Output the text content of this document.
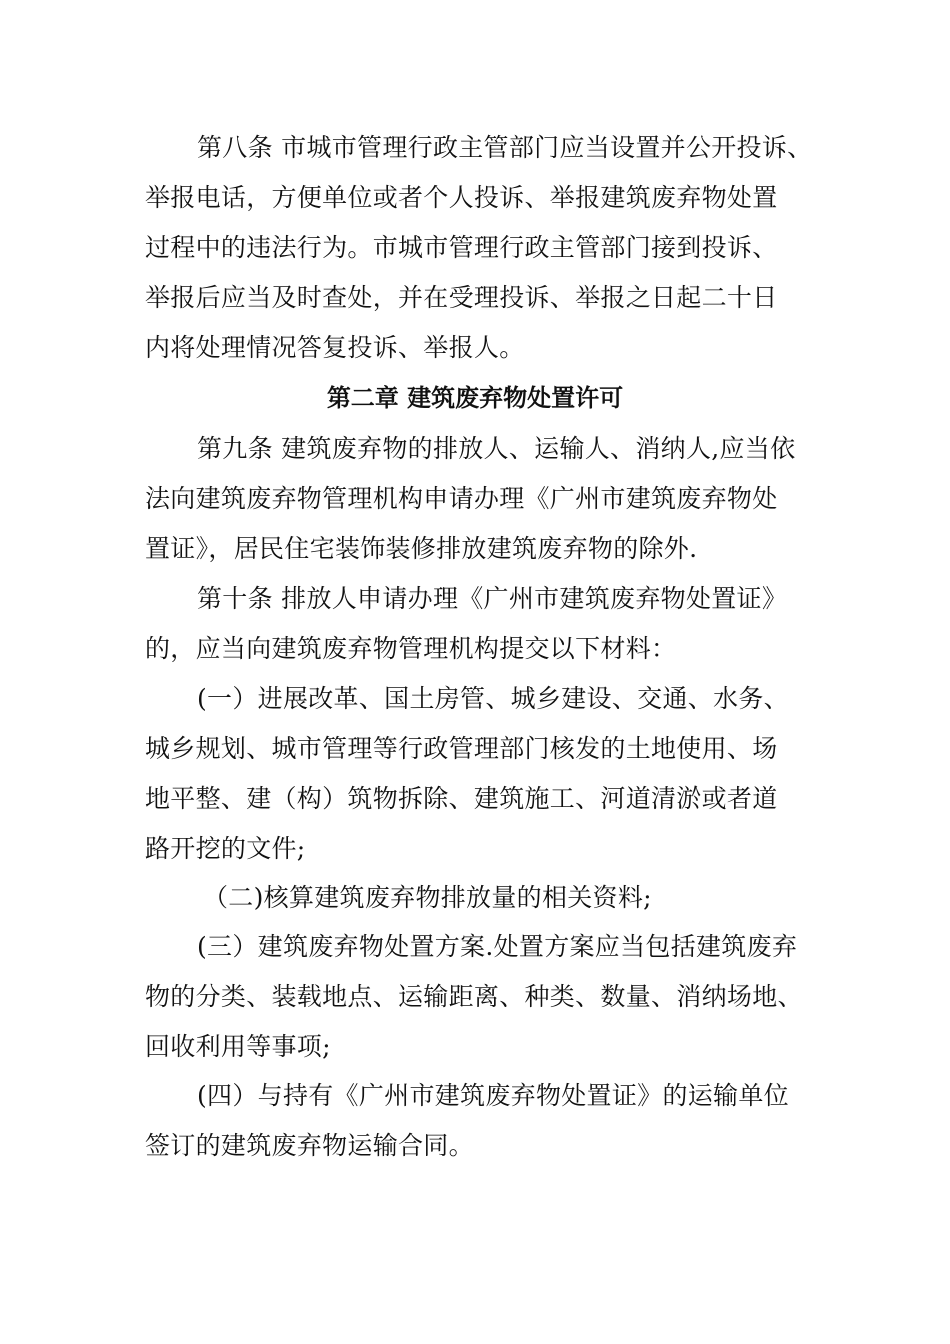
第八条 市城市管理行政主管部门应当设置并公开投诉、
举报电话，方便单位或者个人投诉、举报建筑废弃物处置
过程中的违法行为。市城市管理行政主管部门接到投诉、
举报后应当及时查处，并在受理投诉、举报之日起二十日
内将处理情况答复投诉、举报人。
第二章 建筑废弃物处置许可
第九条 建筑废弃物的排放人、运输人、消纳人,应当依
法向建筑废弃物管理机构申请办理《广州市建筑废弃物处
置证》，居民住宅装饰装修排放建筑废弃物的除外.
第十条 排放人申请办理《广州市建筑废弃物处置证》
的，应当向建筑废弃物管理机构提交以下材料：
(一）进展改革、国土房管、城乡建设、交通、水务、
城乡规划、城市管理等行政管理部门核发的土地使用、场
地平整、建（构）筑物拆除、建筑施工、河道清淤或者道
路开挖的文件;
（二)核算建筑废弃物排放量的相关资料;
(三）建筑废弃物处置方案.处置方案应当包括建筑废弃
物的分类、装载地点、运输距离、种类、数量、消纳场地、
回收利用等事项;
(四）与持有《广州市建筑废弃物处置证》的运输单位
签订的建筑废弃物运输合同。
